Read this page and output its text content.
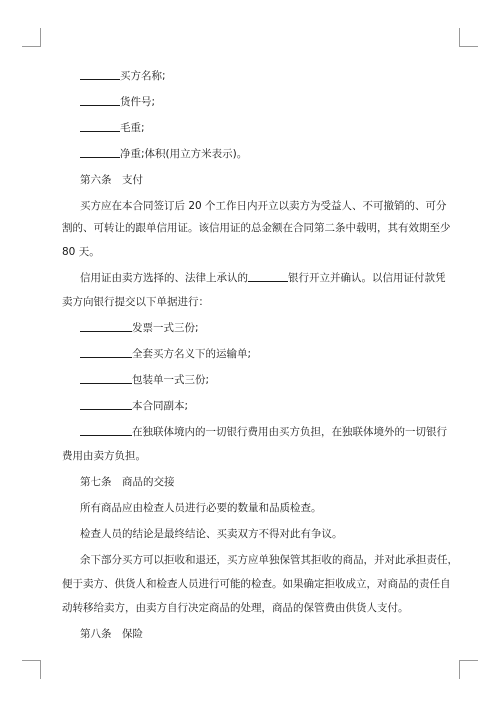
买方名称;
货件号;
毛重;
净重;体积(用立方米表示)。
第六条　支付
买方应在本合同签订后 20 个工作日内开立以卖方为受益人、不可撤销的、可分
割的、可转让的跟单信用证。该信用证的总金额在合同第二条中载明，其有效期至少
80 天。
信用证由卖方选择的、法律上承认的	银行开立并确认。以信用证付款凭
卖方向银行提交以下单据进行：
发票一式三份;
全套买方名义下的运输单;
包装单一式三份;
本合同副本;
在独联体境内的一切银行费用由买方负担，在独联体境外的一切银行
费用由卖方负担。
第七条　商品的交接
所有商品应由检查人员进行必要的数量和品质检查。
检查人员的结论是最终结论、买卖双方不得对此有争议。
余下部分买方可以拒收和退还，买方应单独保管其拒收的商品，并对此承担责任，
便于卖方、供货人和检查人员进行可能的检查。如果确定拒收成立，对商品的责任自
动转移给卖方，由卖方自行决定商品的处理，商品的保管费由供货人支付。
第八条　保险
